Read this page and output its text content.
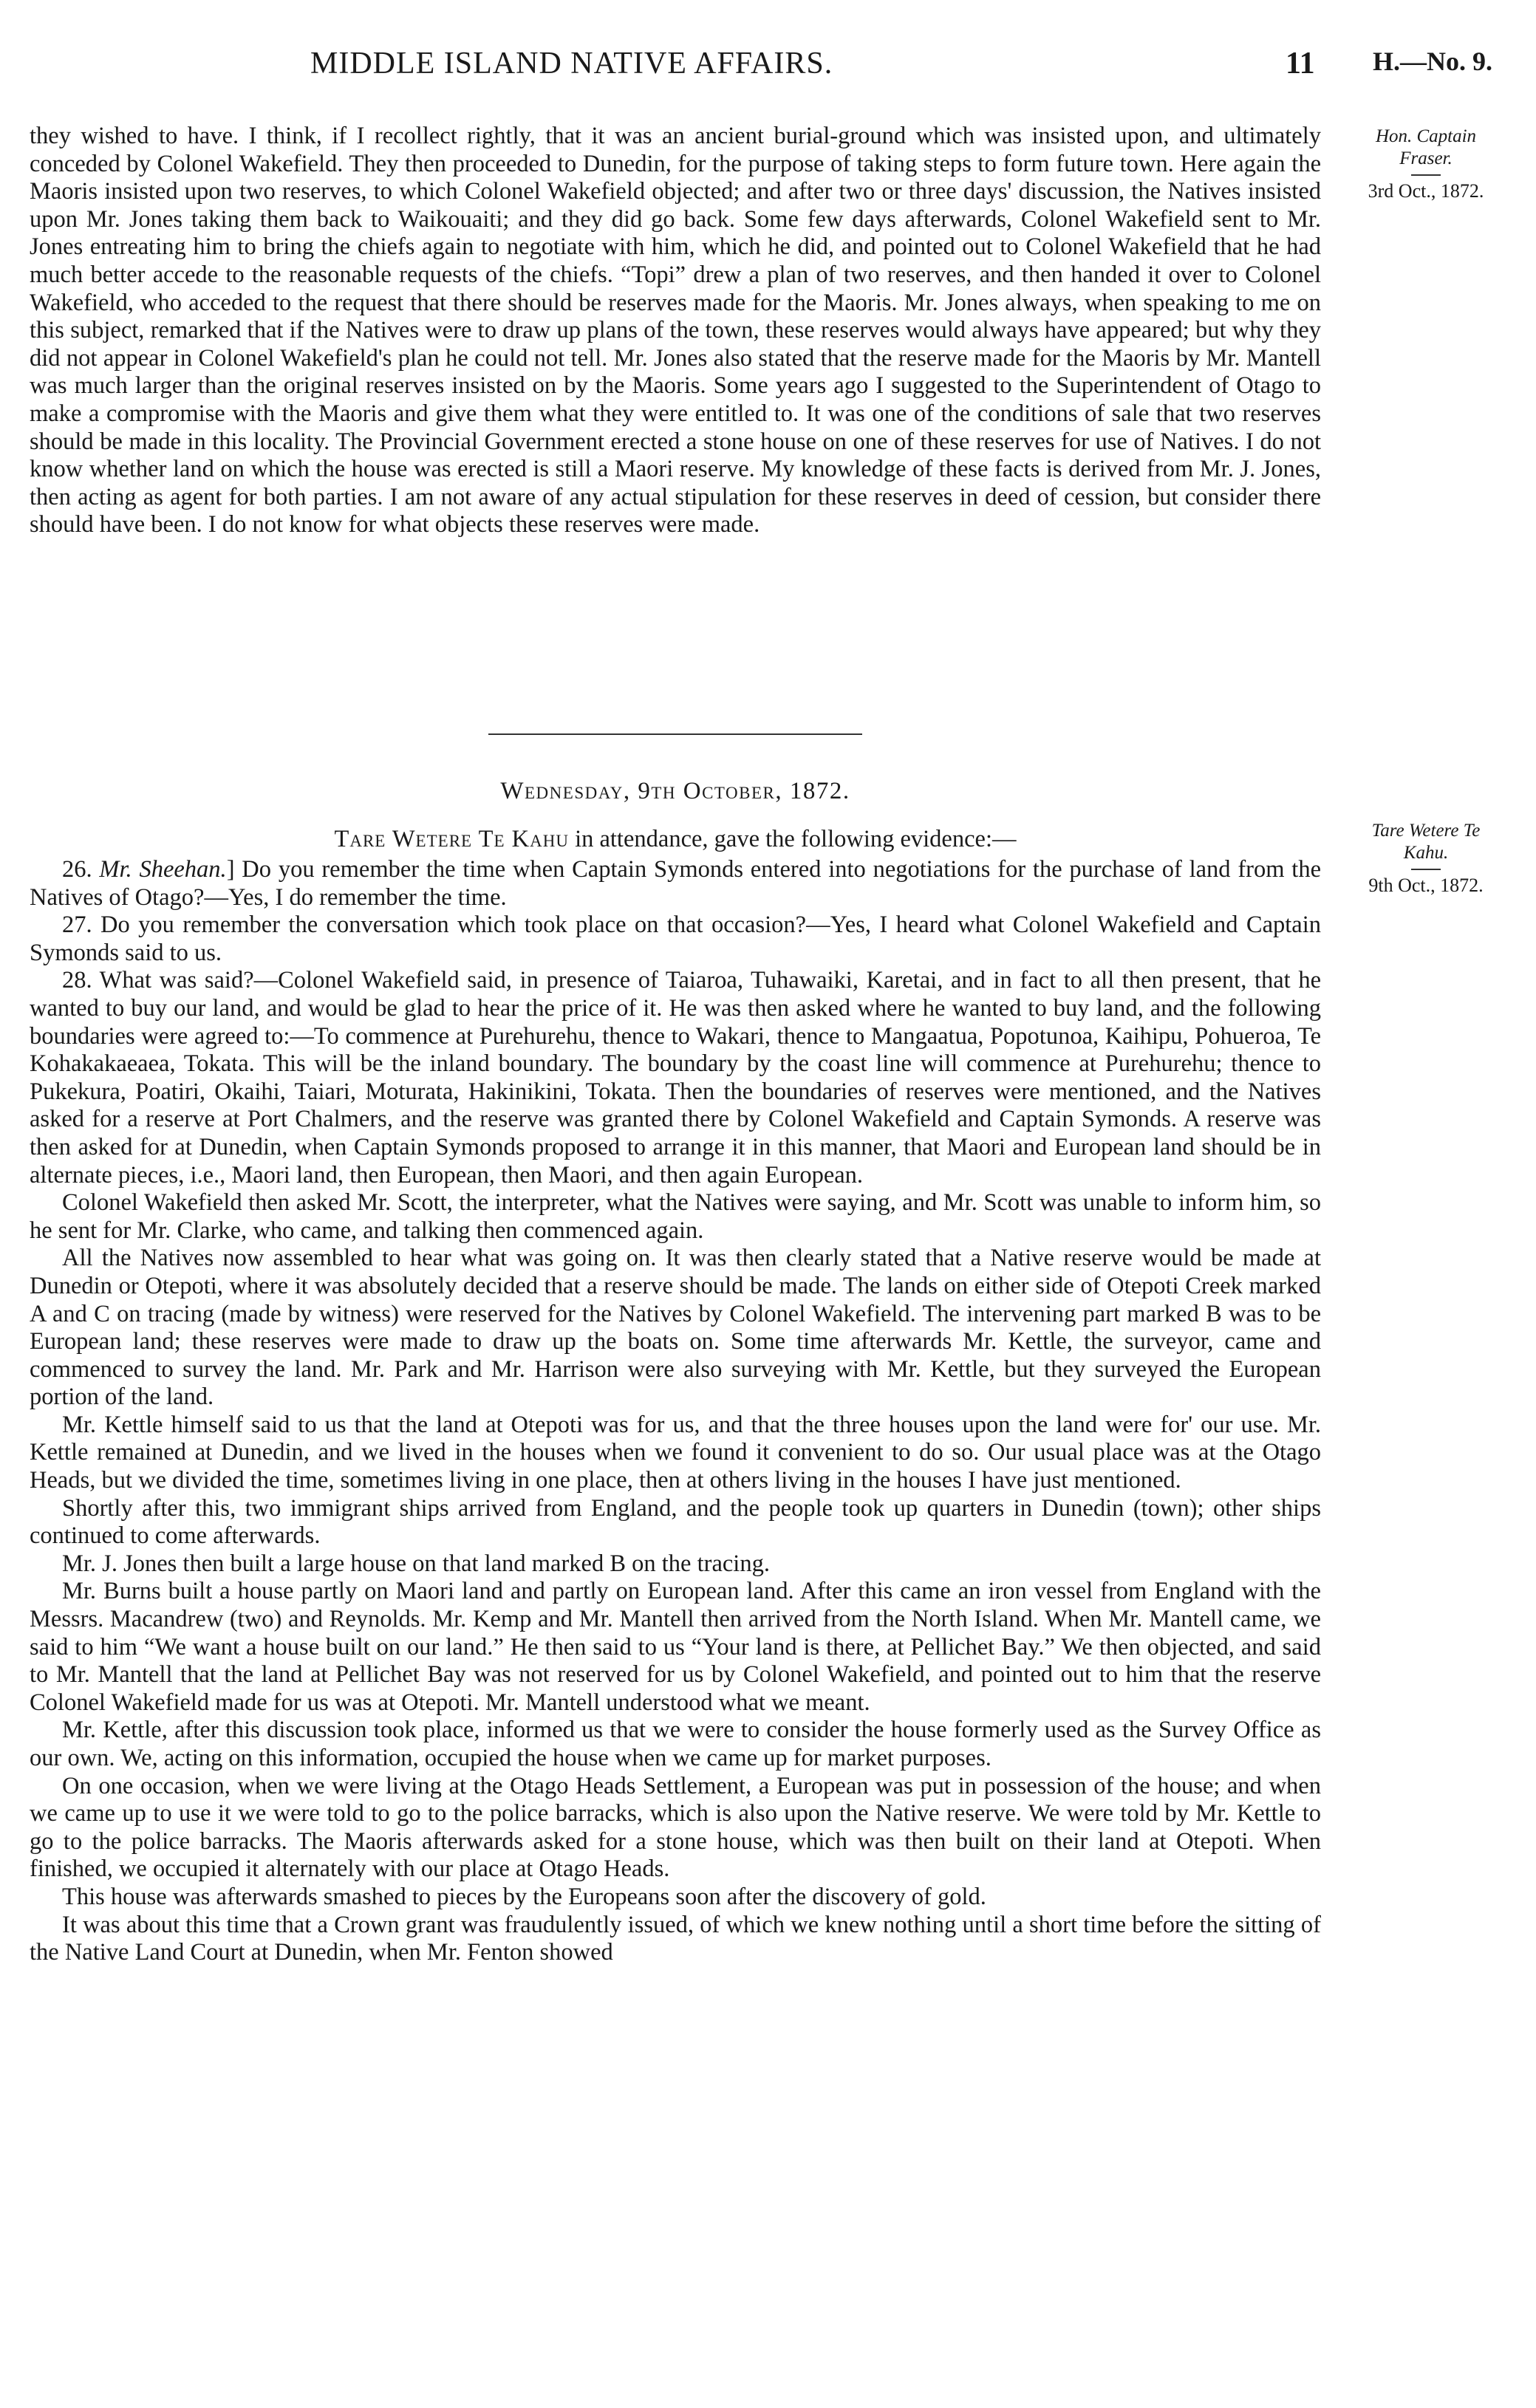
MIDDLE ISLAND NATIVE AFFAIRS.	11 H.—No. 9.
Hon. Captain
Fraser.
3rd Oct., 1872.
Tare Wetere Te
Kahu.
9th Oct., 1872.

they wished to have. I think, if I recollect rightly, that it was an ancient burial-ground which was insisted upon, and ultimately conceded by Colonel Wakefield. They then proceeded to Dunedin, for the purpose of taking steps to form future town. Here again the Maoris insisted upon two reserves, to which Colonel Wakefield objected; and after two or three days' discussion, the Natives insisted upon Mr. Jones taking them back to Waikouaiti; and they did go back. Some few days afterwards, Colonel Wakefield sent to Mr. Jones entreating him to bring the chiefs again to negotiate with him, which he did, and pointed out to Colonel Wakefield that he had much better accede to the reasonable requests of the chiefs. “Topi” drew a plan of two reserves, and then handed it over to Colonel Wakefield, who acceded to the request that there should be reserves made for the Maoris. Mr. Jones always, when speaking to me on this subject, remarked that if the Natives were to draw up plans of the town, these reserves would always have appeared; but why they did not appear in Colonel Wakefield's plan he could not tell. Mr. Jones also stated that the reserve made for the Maoris by Mr. Mantell was much larger than the original reserves insisted on by the Maoris. Some years ago I suggested to the Superintendent of Otago to make a compromise with the Maoris and give them what they were entitled to. It was one of the conditions of sale that two reserves should be made in this locality. The Provincial Government erected a stone house on one of these reserves for use of Natives. I do not know whether land on which the house was erected is still a Maori reserve. My knowledge of these facts is derived from Mr. J. Jones, then acting as agent for both parties. I am not aware of any actual stipulation for these reserves in deed of cession, but consider there should have been. I do not know for what objects these reserves were made.

Wednesday, 9th October, 1872.

Tare Wetere Te Kahu in attendance, gave the following evidence:—

26. Mr. Sheehan.] Do you remember the time when Captain Symonds entered into negotiations for the purchase of land from the Natives of Otago?—Yes, I do remember the time.

27. Do you remember the conversation which took place on that occasion?—Yes, I heard what Colonel Wakefield and Captain Symonds said to us.

28. What was said?—Colonel Wakefield said, in presence of Taiaroa, Tuhawaiki, Karetai, and in fact to all then present, that he wanted to buy our land, and would be glad to hear the price of it. He was then asked where he wanted to buy land, and the following boundaries were agreed to:—To commence at Purehurehu, thence to Wakari, thence to Mangaatua, Popotunoa, Kaihipu, Pohueroa, Te Kohakakaeaea, Tokata. This will be the inland boundary. The boundary by the coast line will commence at Purehurehu; thence to Pukekura, Poatiri, Okaihi, Taiari, Moturata, Hakinikini, Tokata. Then the boundaries of reserves were mentioned, and the Natives asked for a reserve at Port Chalmers, and the reserve was granted there by Colonel Wakefield and Captain Symonds. A reserve was then asked for at Dunedin, when Captain Symonds proposed to arrange it in this manner, that Maori and European land should be in alternate pieces, i.e., Maori land, then European, then Maori, and then again European.

Colonel Wakefield then asked Mr. Scott, the interpreter, what the Natives were saying, and Mr. Scott was unable to inform him, so he sent for Mr. Clarke, who came, and talking then commenced again.

All the Natives now assembled to hear what was going on. It was then clearly stated that a Native reserve would be made at Dunedin or Otepoti, where it was absolutely decided that a reserve should be made. The lands on either side of Otepoti Creek marked A and C on tracing (made by witness) were reserved for the Natives by Colonel Wakefield. The intervening part marked B was to be European land; these reserves were made to draw up the boats on. Some time afterwards Mr. Kettle, the surveyor, came and commenced to survey the land. Mr. Park and Mr. Harrison were also surveying with Mr. Kettle, but they surveyed the European portion of the land.

Mr. Kettle himself said to us that the land at Otepoti was for us, and that the three houses upon the land were for' our use. Mr. Kettle remained at Dunedin, and we lived in the houses when we found it convenient to do so. Our usual place was at the Otago Heads, but we divided the time, sometimes living in one place, then at others living in the houses I have just mentioned.

Shortly after this, two immigrant ships arrived from England, and the people took up quarters in Dunedin (town); other ships continued to come afterwards.

Mr. J. Jones then built a large house on that land marked B on the tracing.

Mr. Burns built a house partly on Maori land and partly on European land. After this came an iron vessel from England with the Messrs. Macandrew (two) and Reynolds. Mr. Kemp and Mr. Mantell then arrived from the North Island. When Mr. Mantell came, we said to him “We want a house built on our land.” He then said to us “Your land is there, at Pellichet Bay.” We then objected, and said to Mr. Mantell that the land at Pellichet Bay was not reserved for us by Colonel Wakefield, and pointed out to him that the reserve Colonel Wakefield made for us was at Otepoti. Mr. Mantell understood what we meant.

Mr. Kettle, after this discussion took place, informed us that we were to consider the house formerly used as the Survey Office as our own. We, acting on this information, occupied the house when we came up for market purposes.

On one occasion, when we were living at the Otago Heads Settlement, a European was put in possession of the house; and when we came up to use it we were told to go to the police barracks, which is also upon the Native reserve. We were told by Mr. Kettle to go to the police barracks. The Maoris afterwards asked for a stone house, which was then built on their land at Otepoti. When finished, we occupied it alternately with our place at Otago Heads.

This house was afterwards smashed to pieces by the Europeans soon after the discovery of gold.

It was about this time that a Crown grant was fraudulently issued, of which we knew nothing until a short time before the sitting of the Native Land Court at Dunedin, when Mr. Fenton showed
